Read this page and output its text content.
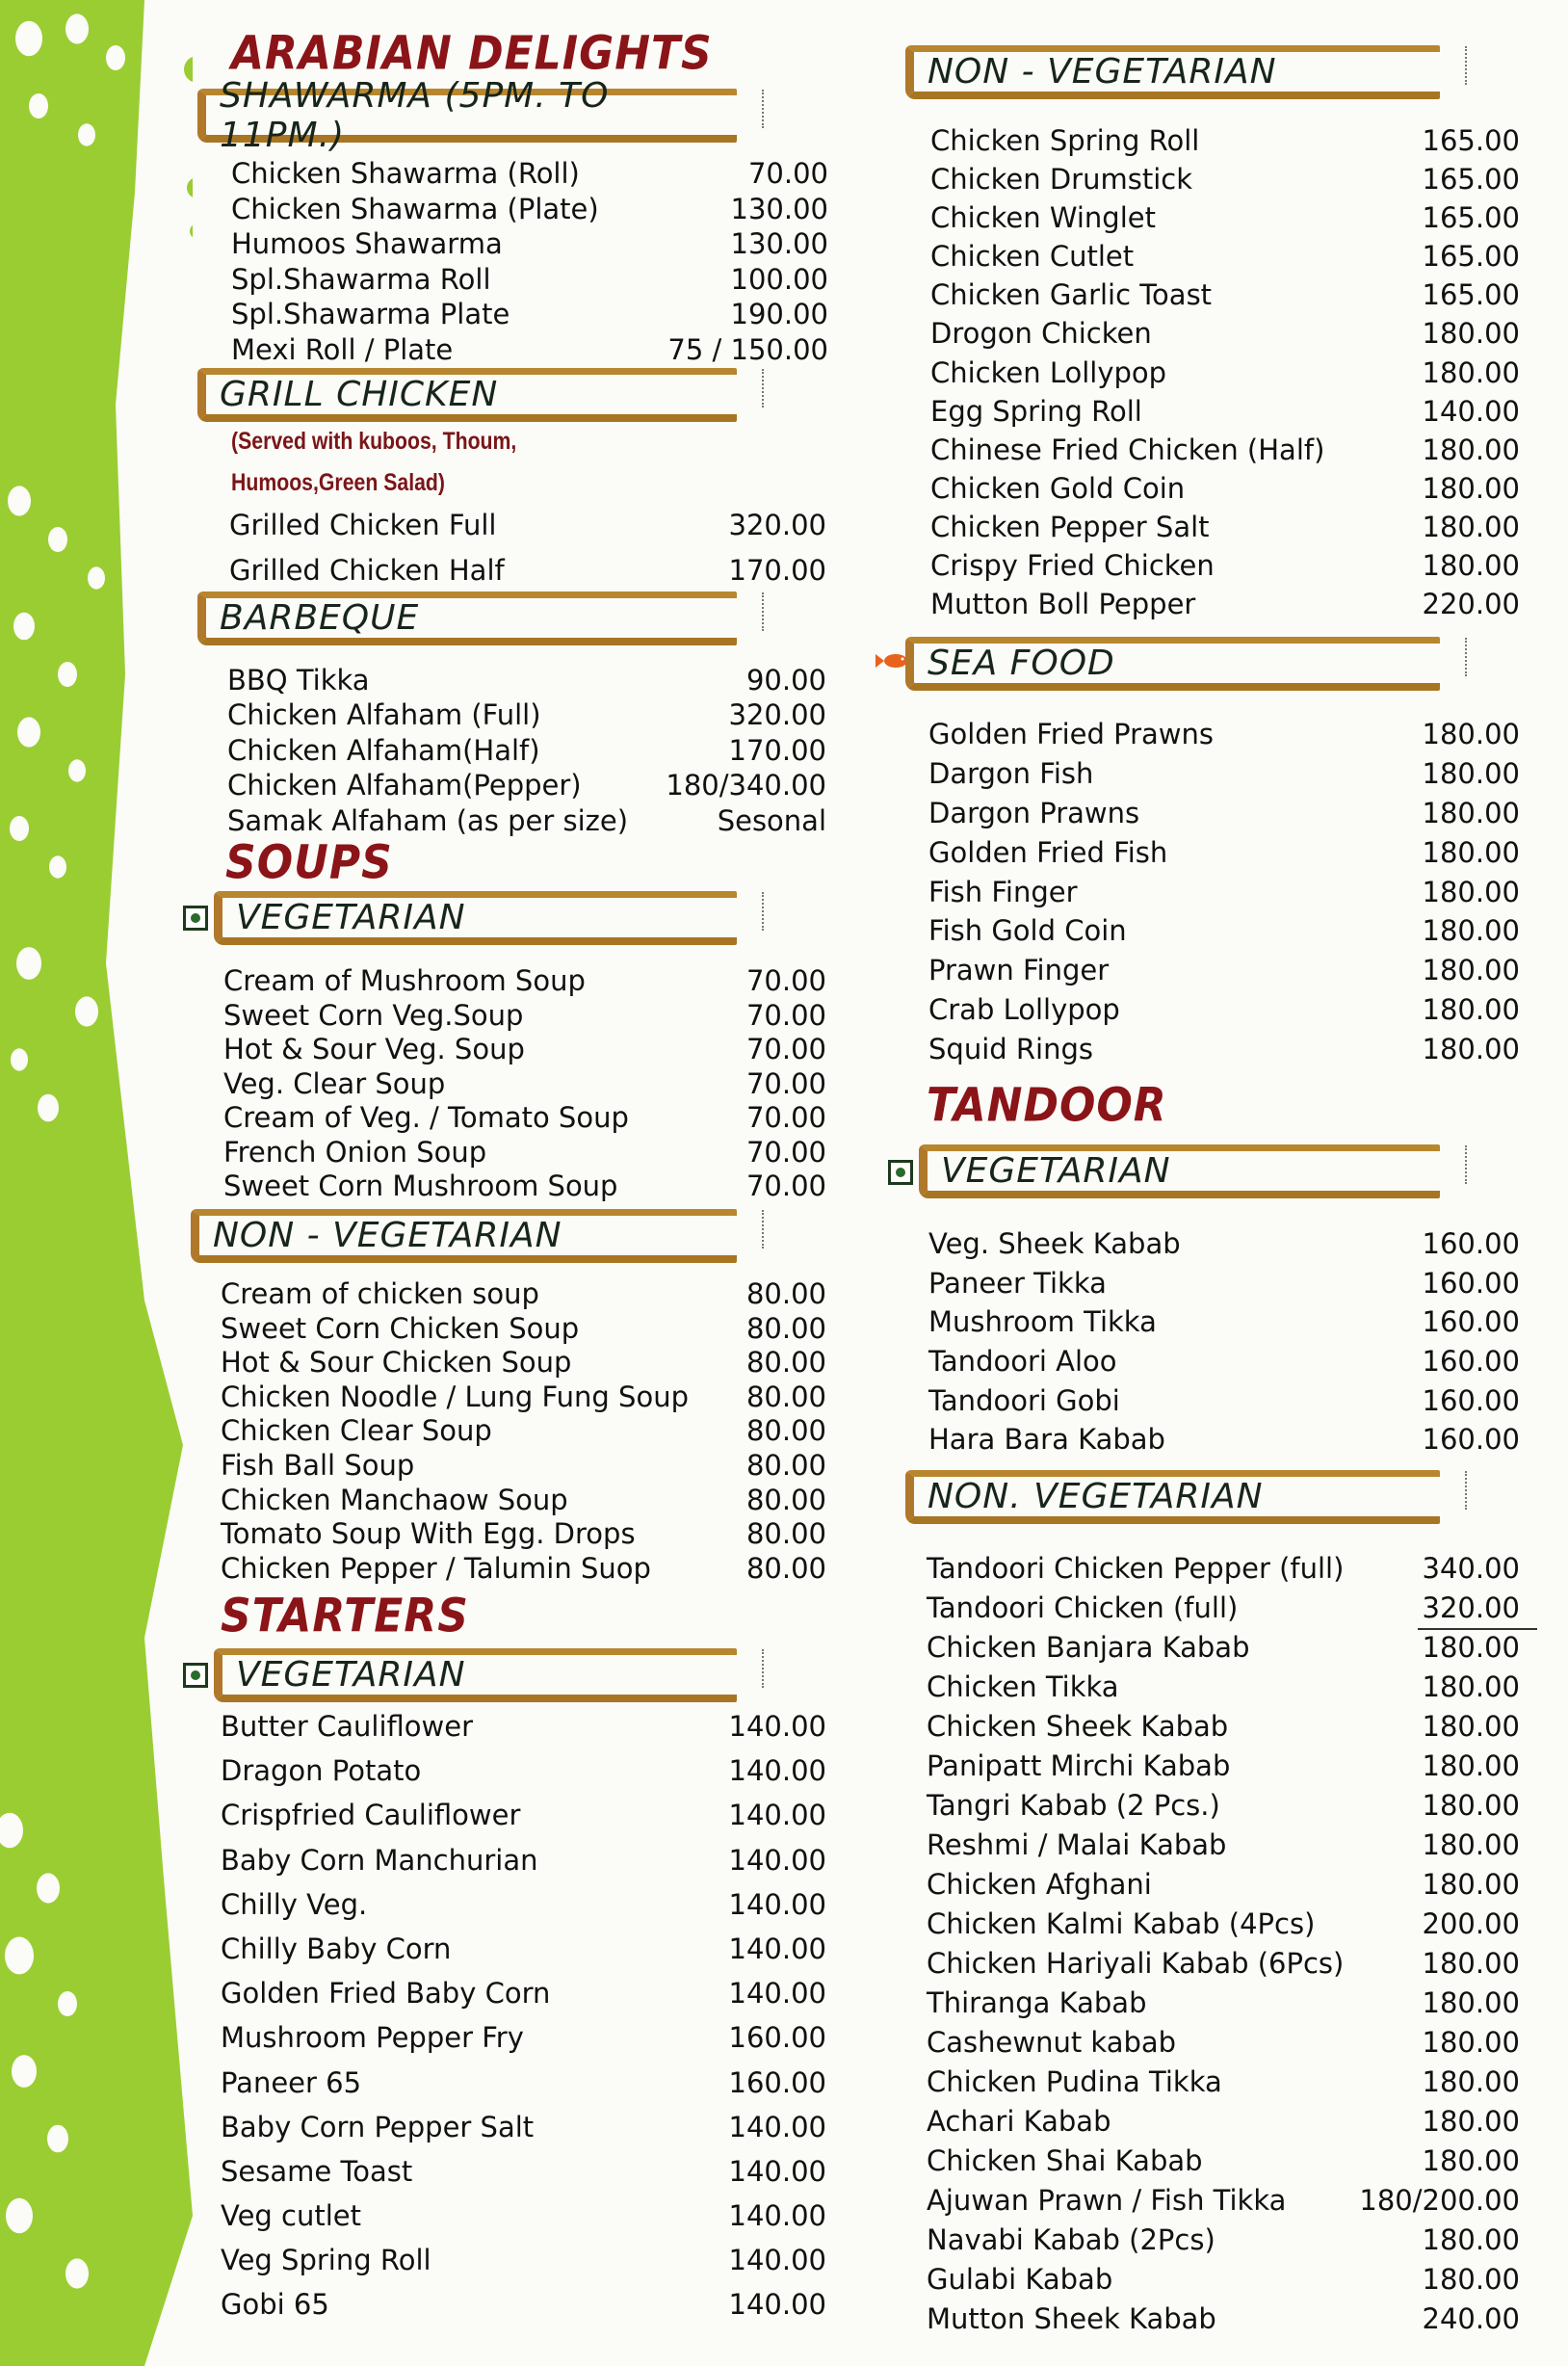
ARABIAN DELIGHTS
SHAWARMA (5PM. TO 11PM.)
Chicken Shawarma (Roll)	70.00
Chicken Shawarma (Plate)	130.00
Humoos Shawarma	130.00
Spl.Shawarma Roll	100.00
Spl.Shawarma Plate	190.00
Mexi Roll / Plate	75 / 150.00
GRILL CHICKEN
(Served with kuboos, Thoum,
Humoos,Green Salad)
Grilled Chicken Full	320.00
Grilled Chicken Half	170.00
BARBEQUE
BBQ Tikka	90.00
Chicken Alfaham (Full)	320.00
Chicken Alfaham(Half)	170.00
Chicken Alfaham(Pepper)	180/340.00
Samak Alfaham (as per size)	Sesonal
SOUPS
VEGETARIAN
Cream of Mushroom Soup	70.00
Sweet Corn Veg.Soup	70.00
Hot & Sour Veg. Soup	70.00
Veg. Clear Soup	70.00
Cream of Veg. / Tomato Soup	70.00
French Onion Soup	70.00
Sweet Corn Mushroom Soup	70.00
NON - VEGETARIAN
Cream of chicken soup	80.00
Sweet Corn Chicken Soup	80.00
Hot & Sour Chicken Soup	80.00
Chicken Noodle / Lung Fung Soup 80.00
Chicken Clear Soup	80.00
Fish Ball Soup	80.00
Chicken Manchaow Soup	80.00
Tomato Soup With Egg. Drops	80.00
Chicken Pepper / Talumin Suop	80.00
STARTERS
VEGETARIAN
Butter Cauliflower	140.00
Dragon Potato	140.00
Crispfried Cauliflower	140.00
Baby Corn Manchurian	140.00
Chilly Veg.	140.00
Chilly Baby Corn	140.00
Golden Fried Baby Corn	140.00
Mushroom Pepper Fry	160.00
Paneer 65	160.00
Baby Corn Pepper Salt	140.00
Sesame Toast	140.00
Veg cutlet	140.00
Veg Spring Roll	140.00
Gobi 65	140.00
NON - VEGETARIAN
Chicken Spring Roll	165.00
Chicken Drumstick	165.00
Chicken Winglet	165.00
Chicken Cutlet	165.00
Chicken Garlic Toast	165.00
Drogon Chicken	180.00
Chicken Lollypop	180.00
Egg Spring Roll	140.00
Chinese Fried Chicken (Half)	180.00
Chicken Gold Coin	180.00
Chicken Pepper Salt	180.00
Crispy Fried Chicken	180.00
Mutton Boll Pepper	220.00
SEA FOOD
Golden Fried Prawns	180.00
Dargon Fish	180.00
Dargon Prawns	180.00
Golden Fried Fish	180.00
Fish Finger	180.00
Fish Gold Coin	180.00
Prawn Finger	180.00
Crab Lollypop	180.00
Squid Rings	180.00
TANDOOR
VEGETARIAN
Veg. Sheek Kabab	160.00
Paneer Tikka	160.00
Mushroom Tikka	160.00
Tandoori Aloo	160.00
Tandoori Gobi	160.00
Hara Bara Kabab	160.00
NON. VEGETARIAN
Tandoori Chicken Pepper (full)	340.00
Tandoori Chicken (full)	320.00
Chicken Banjara Kabab	180.00
Chicken Tikka	180.00
Chicken Sheek Kabab	180.00
Panipatt Mirchi Kabab	180.00
Tangri Kabab (2 Pcs.)	180.00
Reshmi / Malai Kabab	180.00
Chicken Afghani	180.00
Chicken Kalmi Kabab (4Pcs)	200.00
Chicken Hariyali Kabab (6Pcs)	180.00
Thiranga Kabab	180.00
Cashewnut kabab	180.00
Chicken Pudina Tikka	180.00
Achari Kabab	180.00
Chicken Shai Kabab	180.00
Ajuwan Prawn / Fish Tikka	180/200.00
Navabi Kabab (2Pcs)	180.00
Gulabi Kabab	180.00
Mutton Sheek Kabab	240.00
